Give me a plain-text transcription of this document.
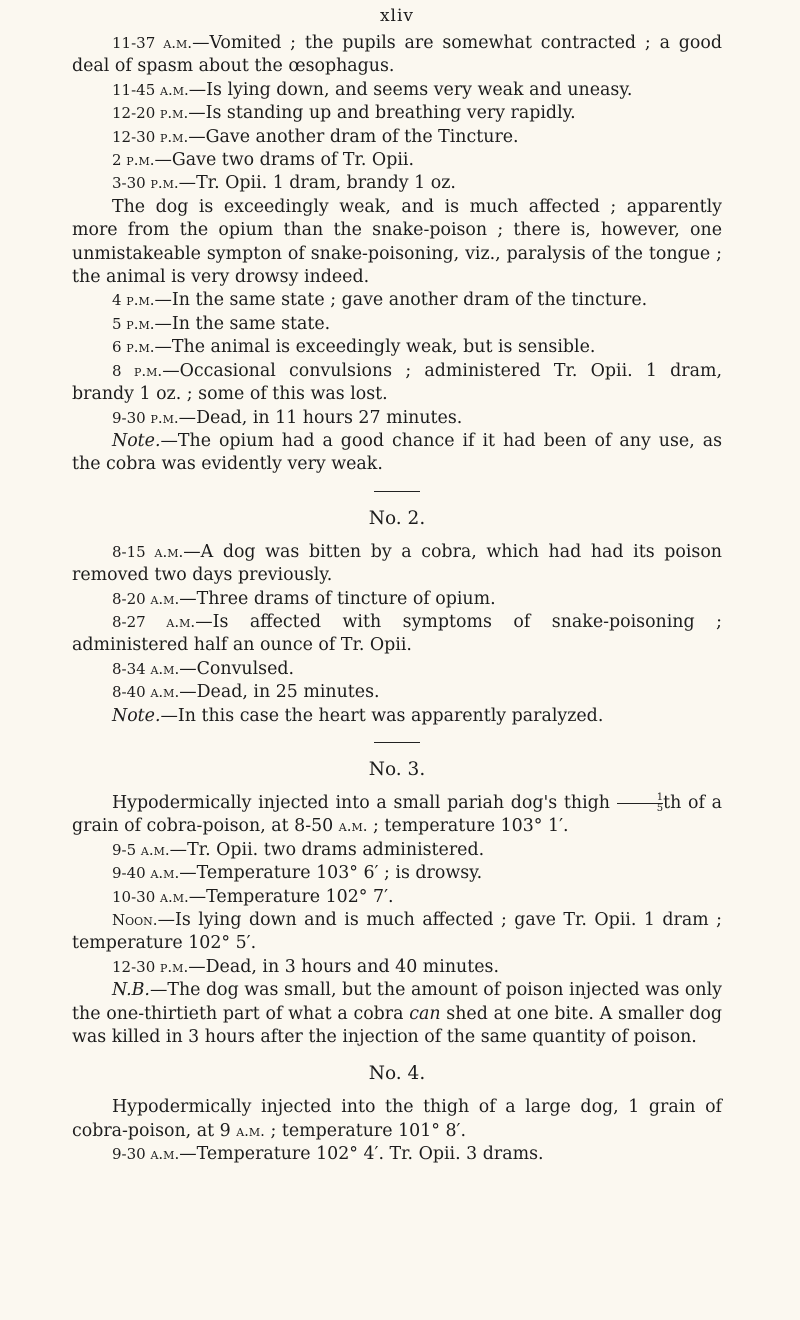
xliv

11-37 a.m.—Vomited ; the pupils are somewhat contracted ; a good deal of spasm about the œsophagus.

11-45 a.m.—Is lying down, and seems very weak and uneasy.

12-20 p.m.—Is standing up and breathing very rapidly.

12-30 p.m.—Gave another dram of the Tincture.

2 p.m.—Gave two drams of Tr. Opii.

3-30 p.m.—Tr. Opii. 1 dram, brandy 1 oz.

The dog is exceedingly weak, and is much affected ; apparently more from the opium than the snake-poison ; there is, however, one unmistakeable sympton of snake-poisoning, viz., paralysis of the tongue ; the animal is very drowsy indeed.

4 p.m.—In the same state ; gave another dram of the tincture.

5 p.m.—In the same state.

6 p.m.—The animal is exceedingly weak, but is sensible.

8 p.m.—Occasional convulsions ; administered Tr. Opii. 1 dram, brandy 1 oz. ; some of this was lost.

9-30 p.m.—Dead, in 11 hours 27 minutes.

Note.—The opium had a good chance if it had been of any use, as the cobra was evidently very weak.

No. 2.

8-15 a.m.—A dog was bitten by a cobra, which had had its poison removed two days previously.

8-20 a.m.—Three drams of tincture of opium.

8-27 a.m.—Is affected with symptoms of snake-poisoning ; administered half an ounce of Tr. Opii.

8-34 a.m.—Convulsed.

8-40 a.m.—Dead, in 25 minutes.

Note.—In this case the heart was apparently paralyzed.

No. 3.

Hypodermically injected into a small pariah dog's thigh $\frac{1}{5}$ th of a grain of cobra-poison, at 8-50 a.m. ; temperature 103° 1′.

9-5 a.m.—Tr. Opii. two drams administered.

9-40 a.m.—Temperature 103° 6′ ; is drowsy.

10-30 a.m.—Temperature 102° 7′.

Noon.—Is lying down and is much affected ; gave Tr. Opii. 1 dram ; temperature 102° 5′.

12-30 p.m.—Dead, in 3 hours and 40 minutes.

N.B.—The dog was small, but the amount of poison injected was only the one-thirtieth part of what a cobra can shed at one bite. A smaller dog was killed in 3 hours after the injection of the same quantity of poison.

No. 4.

Hypodermically injected into the thigh of a large dog, 1 grain of cobra-poison, at 9 a.m. ; temperature 101° 8′.

9-30 a.m.—Temperature 102° 4′. Tr. Opii. 3 drams.
